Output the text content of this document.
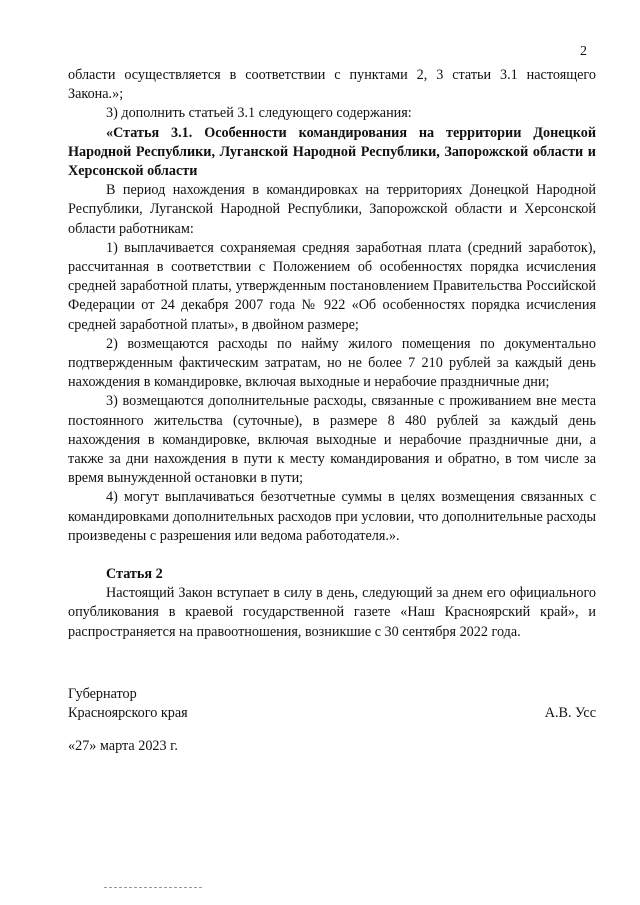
2

области осуществляется в соответствии с пунктами 2, 3 статьи 3.1 настоящего Закона.»;

3) дополнить статьей 3.1 следующего содержания:

«Статья 3.1. Особенности командирования на территории Донецкой Народной Республики, Луганской Народной Республики, Запорожской области и Херсонской области

В период нахождения в командировках на территориях Донецкой Народной Республики, Луганской Народной Республики, Запорожской области и Херсонской области работникам:

1) выплачивается сохраняемая средняя заработная плата (средний заработок), рассчитанная в соответствии с Положением об особенностях порядка исчисления средней заработной платы, утвержденным постановлением Правительства Российской Федерации от 24 декабря 2007 года № 922 «Об особенностях порядка исчисления средней заработной платы», в двойном размере;

2) возмещаются расходы по найму жилого помещения по документально подтвержденным фактическим затратам, но не более 7 210 рублей за каждый день нахождения в командировке, включая выходные и нерабочие праздничные дни;

3) возмещаются дополнительные расходы, связанные с проживанием вне места постоянного жительства (суточные), в размере 8 480 рублей за каждый день нахождения в командировке, включая выходные и нерабочие праздничные дни, а также за дни нахождения в пути к месту командирования и обратно, в том числе за время вынужденной остановки в пути;

4) могут выплачиваться безотчетные суммы в целях возмещения связанных с командировками дополнительных расходов при условии, что дополнительные расходы произведены с разрешения или ведома работодателя.».

Статья 2

Настоящий Закон вступает в силу в день, следующий за днем его официального опубликования в краевой государственной газете «Наш Красноярский край», и распространяется на правоотношения, возникшие с 30 сентября 2022 года.

Губернатор
Красноярского края	А.В. Усс
«27» марта 2023 г.
